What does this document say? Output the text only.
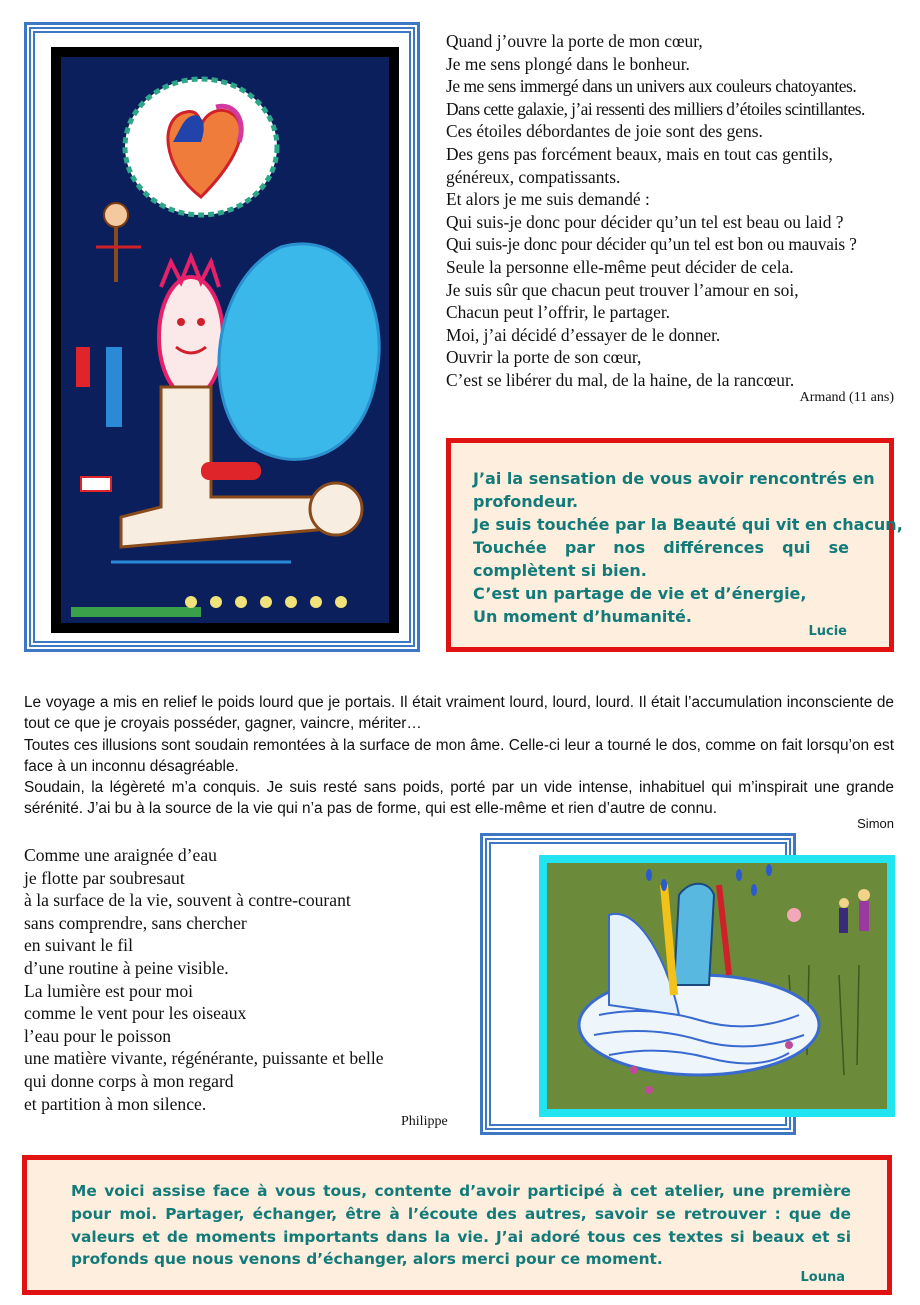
Quand j’ouvre la porte de mon cœur,
Je me sens plongé dans le bonheur.
Je me sens immergé dans un univers aux couleurs chatoyantes.
Dans cette galaxie, j’ai ressenti des milliers d’étoiles scintillantes.
Ces étoiles débordantes de joie sont des gens.
Des gens pas forcément beaux, mais en tout cas gentils,
généreux, compatissants.
Et alors je me suis demandé :
Qui suis-je donc pour décider qu’un tel est beau ou laid ?
Qui suis-je donc pour décider qu’un tel est bon ou mauvais ?
Seule la personne elle-même peut décider de cela.
Je suis sûr que chacun peut trouver l’amour en soi,
Chacun peut l’offrir, le partager.
Moi, j’ai décidé d’essayer de le donner.
Ouvrir la porte de son cœur,
C’est se libérer du mal, de la haine, de la rancœur.
Armand (11 ans)
J’ai la sensation de vous avoir rencontrés en
profondeur.
Je suis touchée par la Beauté qui vit en chacun,
Touchée par nos différences qui se
complètent si bien.
C’est un partage de vie et d’énergie,
Un moment d’humanité.
Lucie

Le voyage a mis en relief le poids lourd que je portais. Il était vraiment lourd, lourd, lourd. Il était l’accumulation inconsciente de tout ce que je croyais posséder, gagner, vaincre, mériter…

Toutes ces illusions sont soudain remontées à la surface de mon âme. Celle-ci leur a tourné le dos, comme on fait lorsqu’on est face à un inconnu désagréable.

Soudain, la légèreté m’a conquis. Je suis resté sans poids, porté par un vide intense, inhabituel qui m’inspirait une grande sérénité. J’ai bu à la source de la vie qui n’a pas de forme, qui est elle-même et rien d’autre de connu.

Simon
Comme une araignée d’eau
je flotte par soubresaut
à la surface de la vie, souvent à contre-courant
sans comprendre, sans chercher
en suivant le fil
d’une routine à peine visible.
La lumière est pour moi
comme le vent pour les oiseaux
l’eau pour le poisson
une matière vivante, régénérante, puissante et belle
qui donne corps à mon regard
et partition à mon silence.
Philippe
Me voici assise face à vous tous, contente d’avoir participé à cet atelier, une première pour moi. Partager, échanger, être à l’écoute des autres, savoir se retrouver : que de valeurs et de moments importants dans la vie. J’ai adoré tous ces textes si beaux et si profonds que nous venons d’échanger, alors merci pour ce moment.
Louna
